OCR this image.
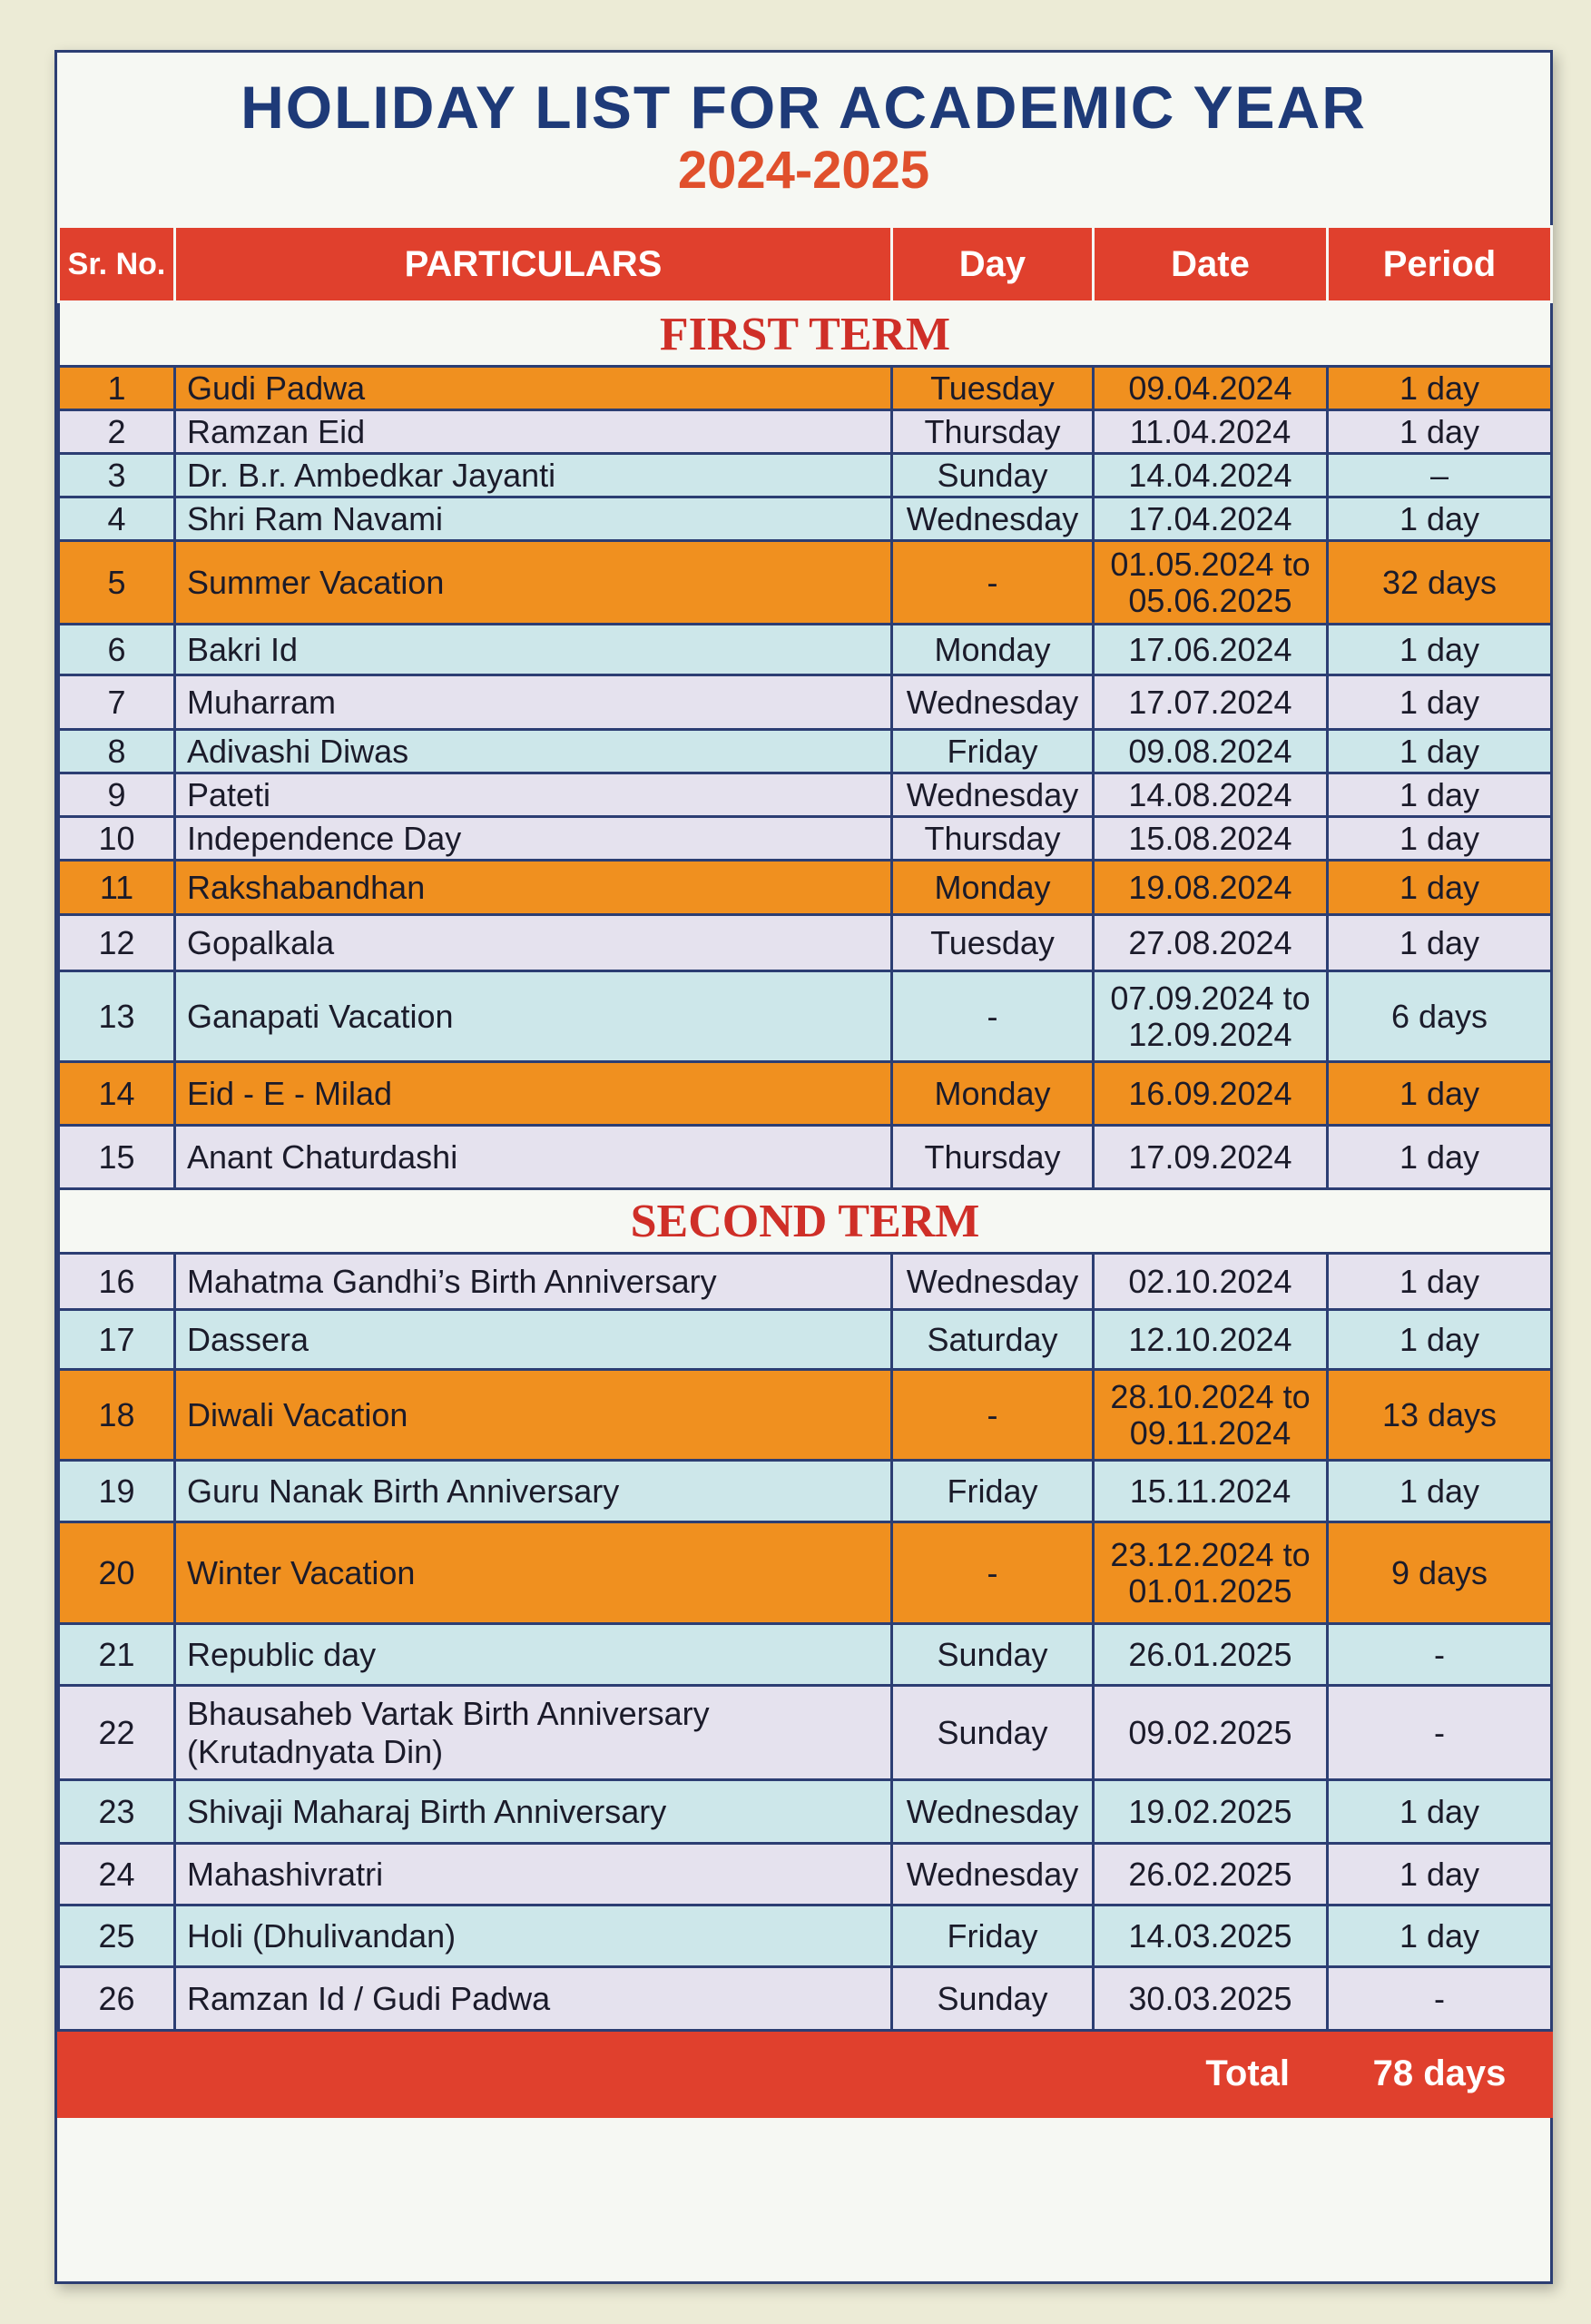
HOLIDAY LIST FOR ACADEMIC YEAR
2024-2025
Sr. No.	PARTICULARS	Day	Date	Period
FIRST TERM				
1	Gudi Padwa	Tuesday	09.04.2024	1 day
2	Ramzan Eid	Thursday	11.04.2024	1 day
3	Dr. B.r. Ambedkar Jayanti	Sunday	14.04.2024	–
4	Shri Ram Navami	Wednesday	17.04.2024	1 day
5	Summer Vacation	-	01.05.2024 to 05.06.2025	32 days
6	Bakri Id	Monday	17.06.2024	1 day
7	Muharram	Wednesday	17.07.2024	1 day
8	Adivashi Diwas	Friday	09.08.2024	1 day
9	Pateti	Wednesday	14.08.2024	1 day
10	Independence Day	Thursday	15.08.2024	1 day
11	Rakshabandhan	Monday	19.08.2024	1 day
12	Gopalkala	Tuesday	27.08.2024	1 day
13	Ganapati Vacation	-	07.09.2024 to 12.09.2024	6 days
14	Eid - E - Milad	Monday	16.09.2024	1 day
15	Anant Chaturdashi	Thursday	17.09.2024	1 day
SECOND TERM				
16	Mahatma Gandhi’s Birth Anniversary	Wednesday	02.10.2024	1 day
17	Dassera	Saturday	12.10.2024	1 day
18	Diwali Vacation	-	28.10.2024 to 09.11.2024	13 days
19	Guru Nanak Birth Anniversary	Friday	15.11.2024	1 day
20	Winter Vacation	-	23.12.2024 to 01.01.2025	9 days
21	Republic day	Sunday	26.01.2025	-
22	Bhausaheb Vartak Birth Anniversary (Krutadnyata Din)	Sunday	09.02.2025	-
23	Shivaji Maharaj Birth Anniversary	Wednesday	19.02.2025	1 day
24	Mahashivratri	Wednesday	26.02.2025	1 day
25	Holi (Dhulivandan)	Friday	14.03.2025	1 day
26	Ramzan Id / Gudi Padwa	Sunday	30.03.2025	-
Total				78 days
